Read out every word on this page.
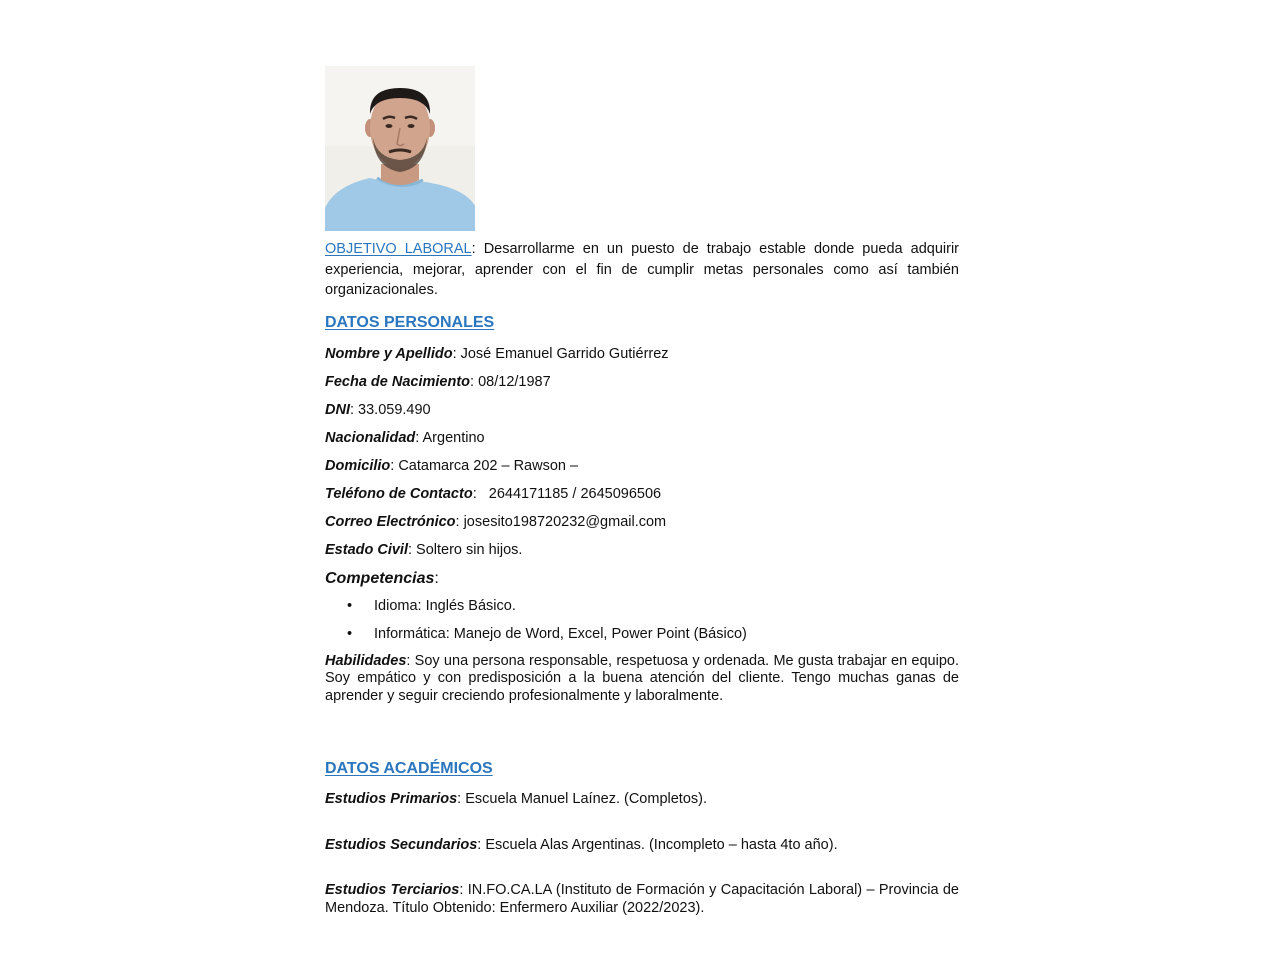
OBJETIVO LABORAL: Desarrollarme en un puesto de trabajo estable donde pueda adquirir experiencia, mejorar, aprender con el fin de cumplir metas personales como así también organizacionales.
DATOS PERSONALES
Nombre y Apellido: José Emanuel Garrido Gutiérrez
Fecha de Nacimiento: 08/12/1987
DNI: 33.059.490
Nacionalidad: Argentino
Domicilio: Catamarca 202 – Rawson –
Teléfono de Contacto:   2644171185 / 2645096506
Correo Electrónico: josesito198720232@gmail.com
Estado Civil: Soltero sin hijos.
Competencias:
• Idioma: Inglés Básico.
• Informática: Manejo de Word, Excel, Power Point (Básico)
Habilidades: Soy una persona responsable, respetuosa y ordenada. Me gusta trabajar en equipo. Soy empático y con predisposición a la buena atención del cliente. Tengo muchas ganas de aprender y seguir creciendo profesionalmente y laboralmente.
DATOS ACADÉMICOS
Estudios Primarios: Escuela Manuel Laínez. (Completos).
Estudios Secundarios: Escuela Alas Argentinas. (Incompleto – hasta 4to año).
Estudios Terciarios: IN.FO.CA.LA (Instituto de Formación y Capacitación Laboral) – Provincia de Mendoza. Título Obtenido: Enfermero Auxiliar (2022/2023).
